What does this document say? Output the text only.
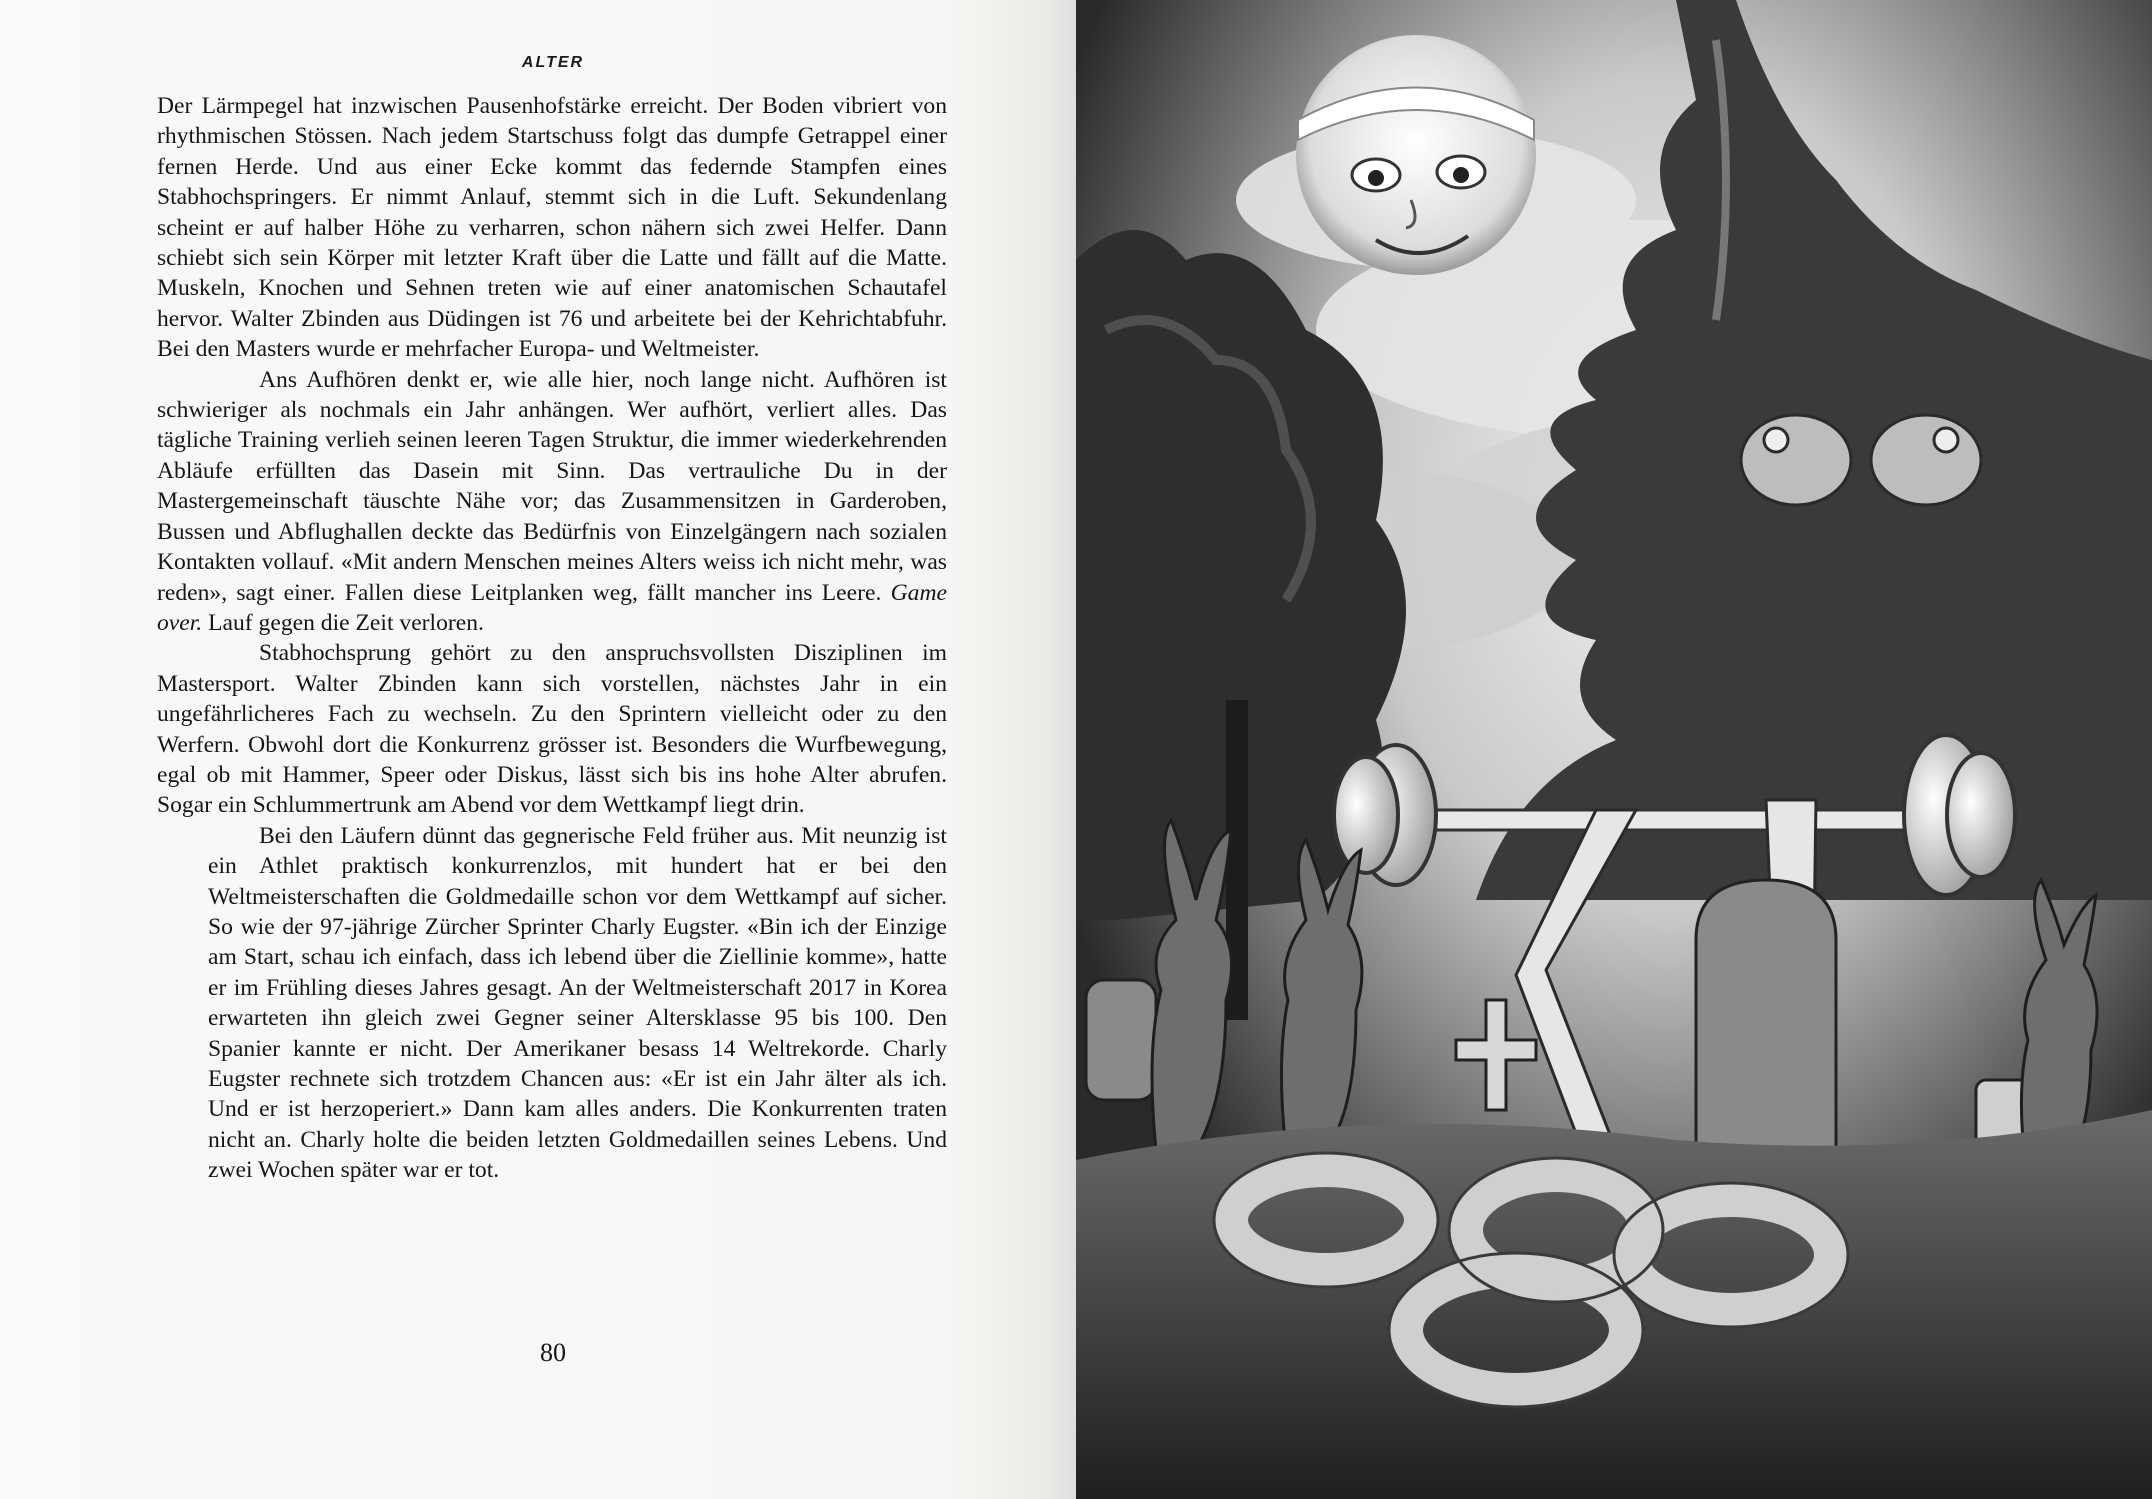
ALTER

Der Lärmpegel hat inzwischen Pausenhofstärke erreicht. Der Boden vibriert von rhythmischen Stössen. Nach jedem Startschuss folgt das dumpfe Getrappel einer fernen Herde. Und aus einer Ecke kommt das federnde Stampfen eines Stabhochspringers. Er nimmt Anlauf, stemmt sich in die Luft. Sekundenlang scheint er auf halber Höhe zu verharren, schon nähern sich zwei Helfer. Dann schiebt sich sein Körper mit letzter Kraft über die Latte und fällt auf die Matte. Muskeln, Knochen und Sehnen treten wie auf einer anatomischen Schautafel hervor. Walter Zbinden aus Düdingen ist 76 und arbeitete bei der Kehrichtabfuhr. Bei den Masters wurde er mehrfacher Europa- und Weltmeister.

Ans Aufhören denkt er, wie alle hier, noch lange nicht. Aufhören ist schwieriger als nochmals ein Jahr anhängen. Wer aufhört, verliert alles. Das tägliche Training verlieh seinen leeren Tagen Struktur, die immer wiederkehrenden Abläufe erfüllten das Dasein mit Sinn. Das vertrauliche Du in der Mastergemeinschaft täuschte Nähe vor; das Zusammensitzen in Garderoben, Bussen und Abflughallen deckte das Bedürfnis von Einzelgängern nach sozialen Kontakten vollauf. «Mit andern Menschen meines Alters weiss ich nicht mehr, was reden», sagt einer. Fallen diese Leitplanken weg, fällt mancher ins Leere. Game over. Lauf gegen die Zeit verloren.

Stabhochsprung gehört zu den anspruchsvollsten Disziplinen im Mastersport. Walter Zbinden kann sich vorstellen, nächstes Jahr in ein ungefährlicheres Fach zu wechseln. Zu den Sprintern vielleicht oder zu den Werfern. Obwohl dort die Konkurrenz grösser ist. Besonders die Wurfbewegung, egal ob mit Hammer, Speer oder Diskus, lässt sich bis ins hohe Alter abrufen. Sogar ein Schlummertrunk am Abend vor dem Wettkampf liegt drin.

Bei den Läufern dünnt das gegnerische Feld früher aus. Mit neunzig ist ein Athlet praktisch konkurrenzlos, mit hundert hat er bei den Weltmeisterschaften die Goldmedaille schon vor dem Wettkampf auf sicher. So wie der 97-jährige Zürcher Sprinter Charly Eugster. «Bin ich der Einzige am Start, schau ich einfach, dass ich lebend über die Ziellinie komme», hatte er im Frühling dieses Jahres gesagt. An der Weltmeisterschaft 2017 in Korea erwarteten ihn gleich zwei Gegner seiner Altersklasse 95 bis 100. Den Spanier kannte er nicht. Der Amerikaner besass 14 Weltrekorde. Charly Eugster rechnete sich trotzdem Chancen aus: «Er ist ein Jahr älter als ich. Und er ist herzoperiert.» Dann kam alles anders. Die Konkurrenten traten nicht an. Charly holte die beiden letzten Goldmedaillen seines Lebens. Und zwei Wochen später war er tot.

80
